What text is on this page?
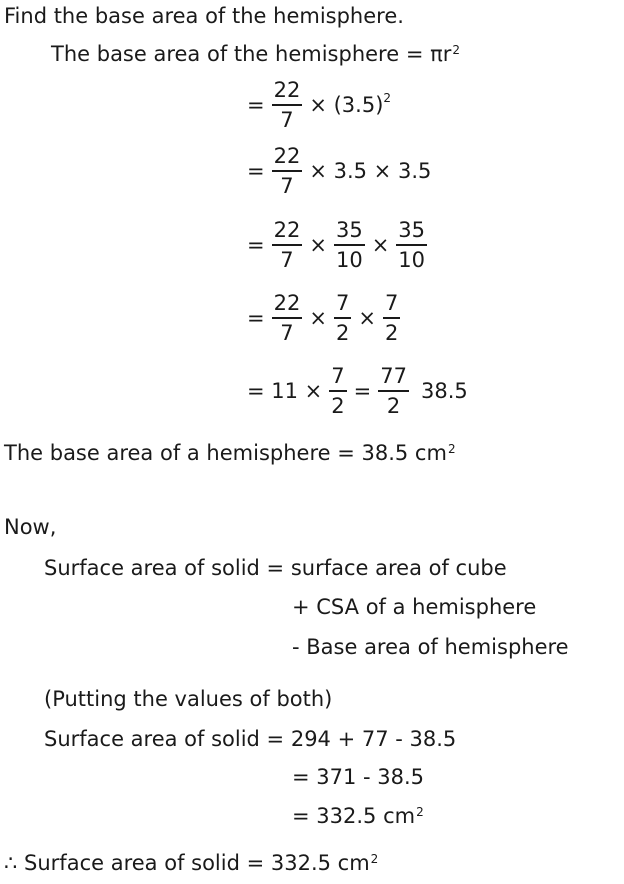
Find the base area of the hemisphere.
The base area of the hemisphere = $\pi r^2$
= $\frac{22}{7} \times (3.5)^2$
= $\frac{22}{7} \times 3.5 \times 3.5$
= $\frac{22}{7} \times \frac{35}{10} \times \frac{35}{10}$
= $\frac{22}{7} \times \frac{7}{2} \times \frac{7}{2}$
= $11 \times \frac{7}{2} = \frac{77}{2} 38.5$
The base area of a hemisphere = 38.5 $cm^2$
Now,
Surface area of solid = surface area of cube
+ CSA of a hemisphere
- Base area of hemisphere
(Putting the values of both)
Surface area of solid = 294 + 77 - 38.5
= 371 - 38.5
= 332.5 $cm^2$
∴ Surface area of solid = 332.5 $cm^2$
